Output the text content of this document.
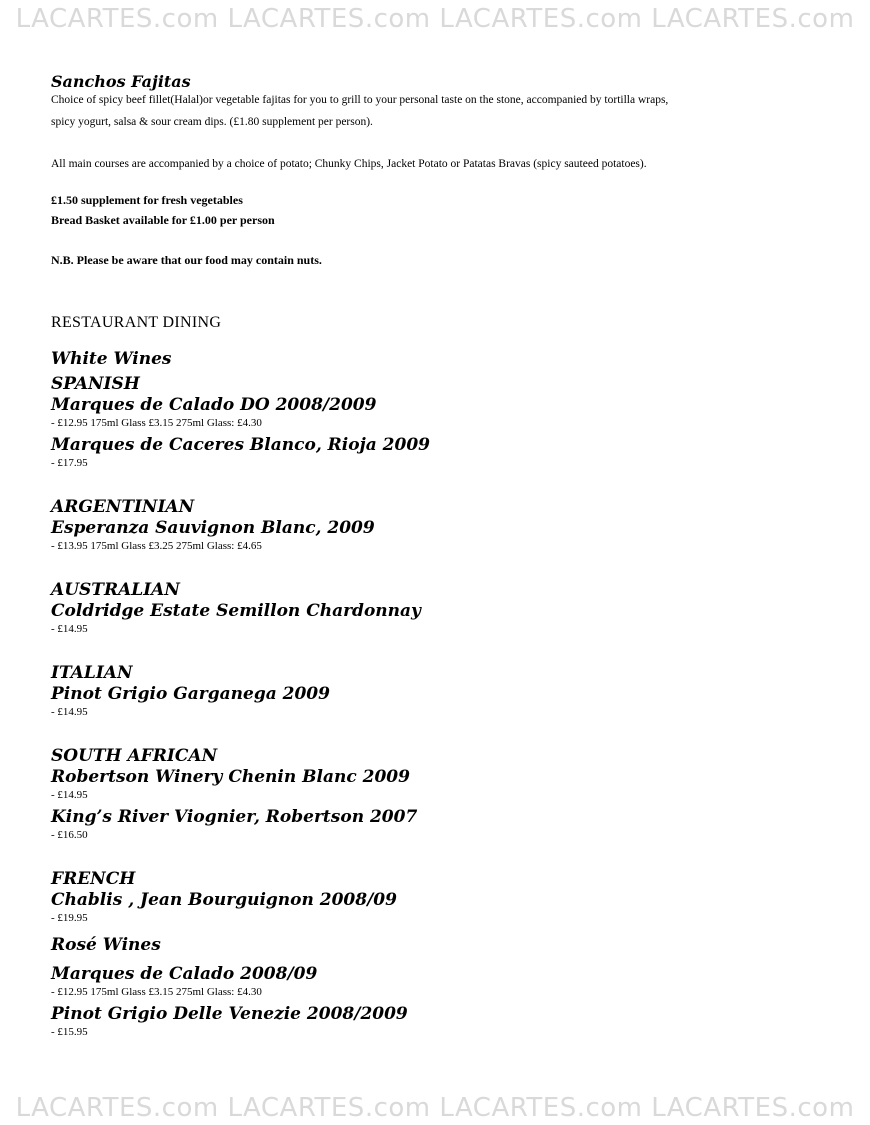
LACARTES.com LACARTES.com LACARTES.com LACARTES.com
Sanchos Fajitas
Choice of spicy beef fillet(Halal)or vegetable fajitas for you to grill to your personal taste on the stone, accompanied by tortilla wraps,
spicy yogurt, salsa & sour cream dips. (£1.80 supplement per person).
All main courses are accompanied by a choice of potato; Chunky Chips, Jacket Potato or Patatas Bravas (spicy sauteed potatoes).
£1.50 supplement for fresh vegetables
Bread Basket available for £1.00 per person
N.B. Please be aware that our food may contain nuts.
RESTAURANT DINING
White Wines
SPANISH
Marques de Calado DO 2008/2009
- £12.95 175ml Glass £3.15 275ml Glass: £4.30
Marques de Caceres Blanco, Rioja 2009
- £17.95
ARGENTINIAN
Esperanza Sauvignon Blanc, 2009
- £13.95 175ml Glass £3.25 275ml Glass: £4.65
AUSTRALIAN
Coldridge Estate Semillon Chardonnay
- £14.95
ITALIAN
Pinot Grigio Garganega 2009
- £14.95
SOUTH AFRICAN
Robertson Winery Chenin Blanc 2009
- £14.95
King’s River Viognier, Robertson 2007
- £16.50
FRENCH
Chablis , Jean Bourguignon 2008/09
- £19.95
Rosé Wines
Marques de Calado 2008/09
- £12.95 175ml Glass £3.15 275ml Glass: £4.30
Pinot Grigio Delle Venezie 2008/2009
- £15.95
LACARTES.com LACARTES.com LACARTES.com LACARTES.com
